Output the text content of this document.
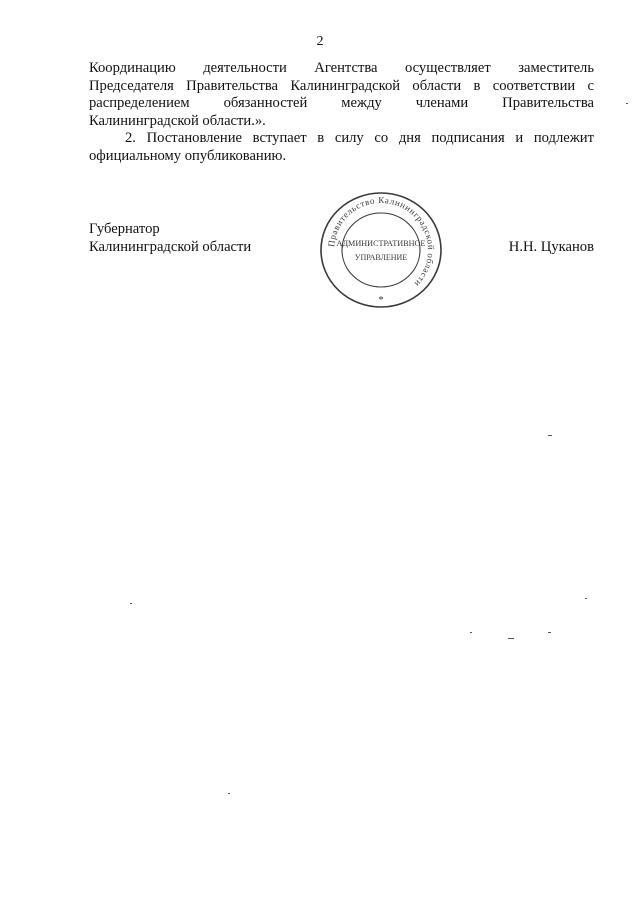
2

Координацию деятельности Агентства осуществляет заместитель
Председателя Правительства Калининградской области в соответствии с
распределением обязанностей между членами Правительства
Калининградской области.».

2. Постановление вступает в силу со дня подписания и подлежит
официальному опубликованию.

Губернатор
Калининградской области	Н.Н. Цуканов
Правительство Калининградской области
АДМИНИСТРАТИВНОЕ
УПРАВЛЕНИЕ
*
